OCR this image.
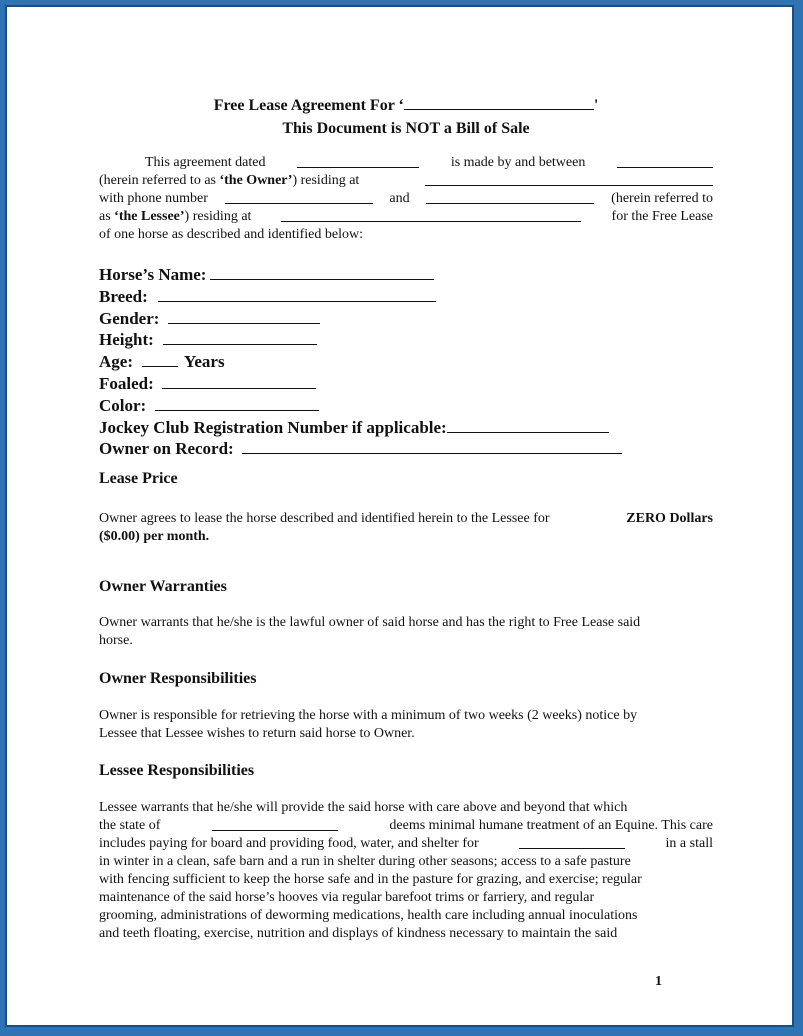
Free Lease Agreement For ‘	'
This Document is NOT a Bill of Sale
This agreement dated	is made by and between
(herein referred to as ‘the Owner’) residing at
with phone number	and	(herein referred to
as ‘the Lessee’) residing at	for the Free Lease
of one horse as described and identified below:
Horse’s Name:
Breed:
Gender:
Height:
Age:	Years
Foaled:
Color:
Jockey Club Registration Number if applicable:
Owner on Record:
Lease Price
Owner agrees to lease the horse described and identified herein to the Lessee for	ZERO Dollars
($0.00) per month.
Owner Warranties
Owner warrants that he/she is the lawful owner of said horse and has the right to Free Lease said
horse.
Owner Responsibilities
Owner is responsible for retrieving the horse with a minimum of two weeks (2 weeks) notice by
Lessee that Lessee wishes to return said horse to Owner.
Lessee Responsibilities
Lessee warrants that he/she will provide the said horse with care above and beyond that which
the state of	deems minimal humane treatment of an Equine. This care
includes paying for board and providing food, water, and shelter for	in a stall
in winter in a clean, safe barn and a run in shelter during other seasons; access to a safe pasture
with fencing sufficient to keep the horse safe and in the pasture for grazing, and exercise; regular
maintenance of the said horse’s hooves via regular barefoot trims or farriery, and regular
grooming, administrations of deworming medications, health care including annual inoculations
and teeth floating, exercise, nutrition and displays of kindness necessary to maintain the said
1
